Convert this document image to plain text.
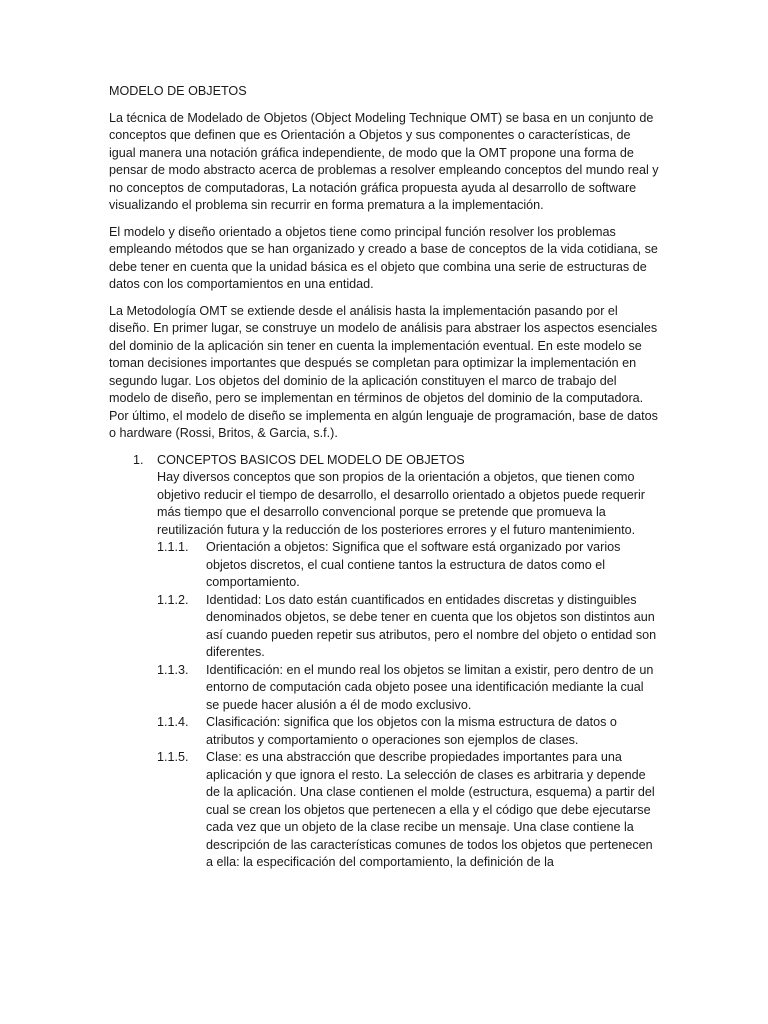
MODELO DE OBJETOS

La técnica de Modelado de Objetos (Object Modeling Technique OMT) se basa en un conjunto de conceptos que definen que es Orientación a Objetos y sus componentes o características, de igual manera una notación gráfica independiente, de modo que la OMT propone una forma de pensar de modo abstracto acerca de problemas a resolver empleando conceptos del mundo real y no conceptos de computadoras, La notación gráfica propuesta ayuda al desarrollo de software visualizando el problema sin recurrir en forma prematura a la implementación.

El modelo y diseño orientado a objetos tiene como principal función resolver los problemas empleando métodos que se han organizado y creado a base de conceptos de la vida cotidiana, se debe tener en cuenta que la unidad básica es el objeto que combina una serie de estructuras de datos con los comportamientos en una entidad.

La Metodología OMT se extiende desde el análisis hasta la implementación pasando por el diseño. En primer lugar, se construye un modelo de análisis para abstraer los aspectos esenciales del dominio de la aplicación sin tener en cuenta la implementación eventual. En este modelo se toman decisiones importantes que después se completan para optimizar la implementación en segundo lugar. Los objetos del dominio de la aplicación constituyen el marco de trabajo del modelo de diseño, pero se implementan en términos de objetos del dominio de la computadora. Por último, el modelo de diseño se implementa en algún lenguaje de programación, base de datos o hardware (Rossi, Britos, & Garcia, s.f.).

1.	CONCEPTOS BASICOS DEL MODELO DE OBJETOS
Hay diversos conceptos que son propios de la orientación a objetos, que tienen como objetivo reducir el tiempo de desarrollo, el desarrollo orientado a objetos puede requerir más tiempo que el desarrollo convencional porque se pretende que promueva la reutilización futura y la reducción de los posteriores errores y el futuro mantenimiento.
1.1.1.	Orientación a objetos: Significa que el software está organizado por varios objetos discretos, el cual contiene tantos la estructura de datos como el comportamiento.
1.1.2.	Identidad: Los dato están cuantificados en entidades discretas y distinguibles denominados objetos, se debe tener en cuenta que los objetos son distintos aun así cuando pueden repetir sus atributos, pero el nombre del objeto o entidad son diferentes.
1.1.3.	Identificación: en el mundo real los objetos se limitan a existir, pero dentro de un entorno de computación cada objeto posee una identificación mediante la cual se puede hacer alusión a él de modo exclusivo.
1.1.4.	Clasificación: significa que los objetos con la misma estructura de datos o atributos y comportamiento o operaciones son ejemplos de clases.
1.1.5.	Clase: es una abstracción que describe propiedades importantes para una aplicación y que ignora el resto. La selección de clases es arbitraria y depende de la aplicación. Una clase contienen el molde (estructura, esquema) a partir del cual se crean los objetos que pertenecen a ella y el código que debe ejecutarse cada vez que un objeto de la clase recibe un mensaje. Una clase contiene la descripción de las características comunes de todos los objetos que pertenecen a ella: la especificación del comportamiento, la definición de la
